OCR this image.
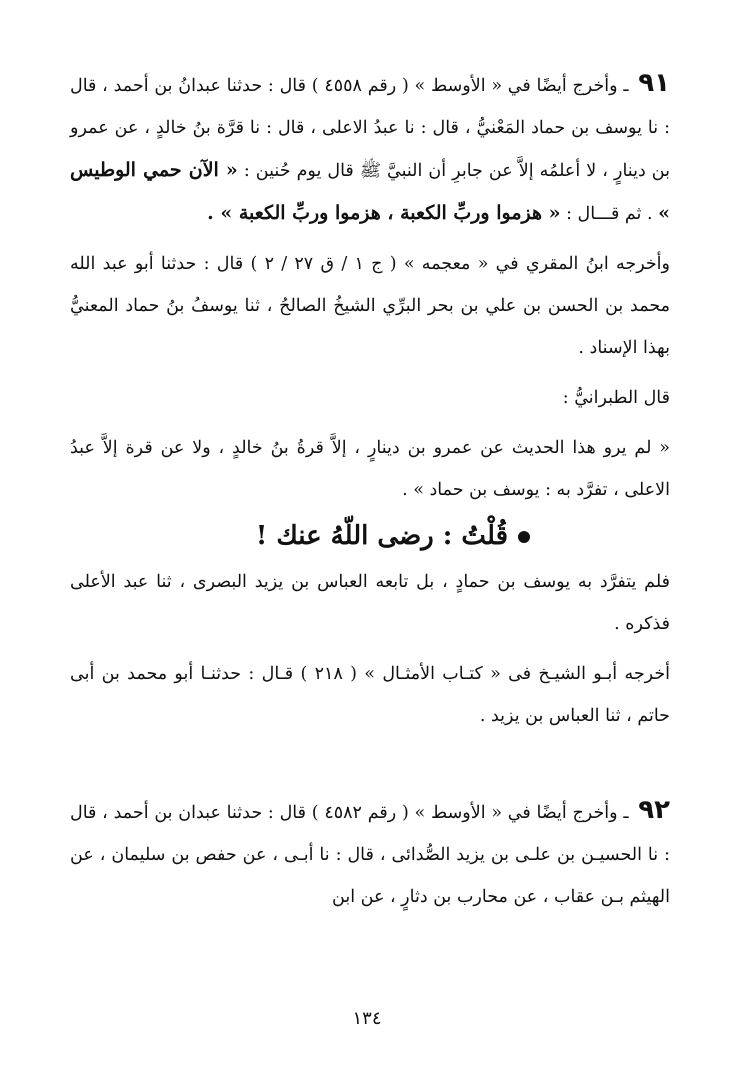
٩١ ـ وأخرج أيضًا في « الأوسط » ( رقم ٤٥٥٨ ) قال : حدثنا عبدانُ بن أحمد ، قال : نا يوسف بن حماد المَعْنيُّ ، قال : نا عبدُ الاعلى ، قال : نا قرَّة بنُ خالدٍ ، عن عمرو بن دينارٍ ، لا أعلمُه إلاَّ عن جابرِ أن النبيَّ ﷺ قال يوم حُنين : « الآن حمي الوطيس » . ثم قـــال : « هزموا وربِّ الكعبة ، هزموا وربِّ الكعبة » .

وأخرجه ابنُ المقري في « معجمه » ( ج ١ / ق ٢٧ / ٢ ) قال : حدثنا أبو عبد الله محمد بن الحسن بن علي بن بحر البرِّي الشيخُ الصالحُ ، ثنا يوسفُ بنُ حماد المعنيُّ بهذا الإسناد .

قال الطبرانيُّ :

« لم يرو هذا الحديث عن عمرو بن دينارٍ ، إلاَّ قرةُ بنُ خالدٍ ، ولا عن قرة إلاَّ عبدُ الاعلى ، تفرَّد به : يوسف بن حماد » .

قُلْتُ : رضى اللّهُ عنك !

فلم يتفرَّد به يوسف بن حمادٍ ، بل تابعه العباس بن يزيد البصرى ، ثنا عبد الأعلى فذكره .

أخرجه أبـو الشيـخ فى « كتـاب الأمثـال » ( ٢١٨ ) قـال : حدثنـا أبو محمد بن أبى حاتم ، ثنا العباس بن يزيد .

٩٢ ـ وأخرج أيضًا في « الأوسط » ( رقم ٤٥٨٢ ) قال : حدثنا عبدان بن أحمد ، قال : نا الحسيـن بن علـى بن يزيد الصُّدائى ، قال : نا أبـى ، عن حفص بن سليمان ، عن الهيثم بـن عقاب ، عن محارب بن دثارٍ ، عن ابن

١٣٤
